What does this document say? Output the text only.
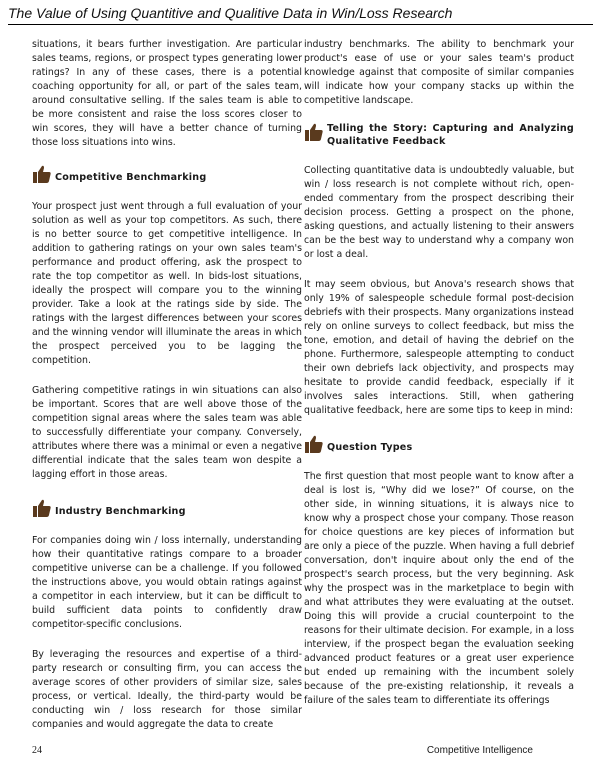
The Value of Using Quantitive and Qualitive Data in Win/Loss Research

situations, it bears further investigation. Are particular sales teams, regions, or prospect types generating lower ratings? In any of these cases, there is a potential coaching opportunity for all, or part of the sales team, around consultative selling. If the sales team is able to be more consistent and raise the loss scores closer to win scores, they will have a better chance of turning those loss situations into wins.

Competitive Benchmarking

Your prospect just went through a full evaluation of your solution as well as your top competitors. As such, there is no better source to get competitive intelligence. In addition to gathering ratings on your own sales team's performance and product offering, ask the prospect to rate the top competitor as well. In bids-lost situations, ideally the prospect will compare you to the winning provider. Take a look at the ratings side by side. The ratings with the largest differences between your scores and the winning vendor will illuminate the areas in which the prospect perceived you to be lagging the competition.

Gathering competitive ratings in win situations can also be important. Scores that are well above those of the competition signal areas where the sales team was able to successfully differentiate your company. Conversely, attributes where there was a minimal or even a negative differential indicate that the sales team won despite a lagging effort in those areas.

Industry Benchmarking

For companies doing win / loss internally, understanding how their quantitative ratings compare to a broader competitive universe can be a challenge. If you followed the instructions above, you would obtain ratings against a competitor in each interview, but it can be difficult to build sufficient data points to confidently draw competitor-specific conclusions.

By leveraging the resources and expertise of a third-party research or consulting firm, you can access the average scores of other providers of similar size, sales process, or vertical. Ideally, the third-party would be conducting win / loss research for those similar companies and would aggregate the data to create

industry benchmarks. The ability to benchmark your product's ease of use or your sales team's product knowledge against that composite of similar companies will indicate how your company stacks up within the competitive landscape.

Telling the Story: Capturing and Analyzing Qualitative Feedback

Collecting quantitative data is undoubtedly valuable, but win / loss research is not complete without rich, open-ended commentary from the prospect describing their decision process. Getting a prospect on the phone, asking questions, and actually listening to their answers can be the best way to understand why a company won or lost a deal.

It may seem obvious, but Anova's research shows that only 19% of salespeople schedule formal post-decision debriefs with their prospects. Many organizations instead rely on online surveys to collect feedback, but miss the tone, emotion, and detail of having the debrief on the phone. Furthermore, salespeople attempting to conduct their own debriefs lack objectivity, and prospects may hesitate to provide candid feedback, especially if it involves sales interactions. Still, when gathering qualitative feedback, here are some tips to keep in mind:

Question Types

The first question that most people want to know after a deal is lost is, “Why did we lose?” Of course, on the other side, in winning situations, it is always nice to know why a prospect chose your company. Those reason for choice questions are key pieces of information but are only a piece of the puzzle. When having a full debrief conversation, don't inquire about only the end of the prospect's search process, but the very beginning. Ask why the prospect was in the marketplace to begin with and what attributes they were evaluating at the outset. Doing this will provide a crucial counterpoint to the reasons for their ultimate decision. For example, in a loss interview, if the prospect began the evaluation seeking advanced product features or a great user experience but ended up remaining with the incumbent solely because of the pre-existing relationship, it reveals a failure of the sales team to differentiate its offerings

24	Competitive Intelligence
